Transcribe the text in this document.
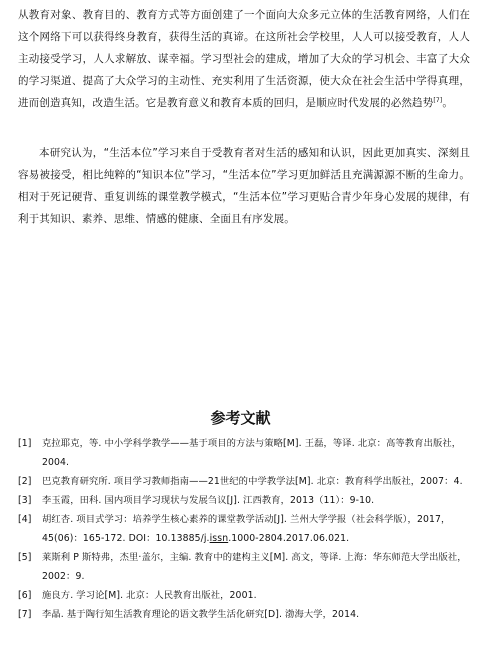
从教育对象、教育目的、教育方式等方面创建了一个面向大众多元立体的生活教育网络，人们在这个网络下可以获得终身教育，获得生活的真谛。在这所社会学校里，人人可以接受教育，人人主动接受学习，人人求解放、谋幸福。学习型社会的建成，增加了大众的学习机会、丰富了大众的学习渠道、提高了大众学习的主动性、充实利用了生活资源，使大众在社会生活中学得真理，进而创造真知，改造生活。它是教育意义和教育本质的回归，是顺应时代发展的必然趋势[7]。

本研究认为，“生活本位”学习来自于受教育者对生活的感知和认识，因此更加真实、深刻且容易被接受，相比纯粹的“知识本位”学习，“生活本位”学习更加鲜活且充满源源不断的生命力。相对于死记硬背、重复训练的课堂教学模式，“生活本位”学习更贴合青少年身心发展的规律，有利于其知识、素养、思维、情感的健康、全面且有序发展。

参考文献
[1] 克拉耶克，等. 中小学科学教学——基于项目的方法与策略[M]. 王磊，等译. 北京：高等教育出版社，2004.
[2] 巴克教育研究所. 项目学习教师指南——21世纪的中学教学法[M]. 北京：教育科学出版社，2007：4.
[3] 李玉霞，田科. 国内项目学习现状与发展刍议[J]. 江西教育，2013（11）：9-10.
[4] 胡红杏. 项目式学习：培养学生核心素养的课堂教学活动[J]. 兰州大学学报（社会科学版），2017，45(06)：165-172. DOI：10.13885/j.issn.1000-2804.2017.06.021.
[5] 莱斯利 P 斯特弗，杰里·盖尔，主编. 教育中的建构主义[M]. 高文，等译. 上海：华东师范大学出版社，2002：9.
[6] 施良方. 学习论[M]. 北京：人民教育出版社，2001.
[7] 李晶. 基于陶行知生活教育理论的语文教学生活化研究[D]. 渤海大学，2014.
